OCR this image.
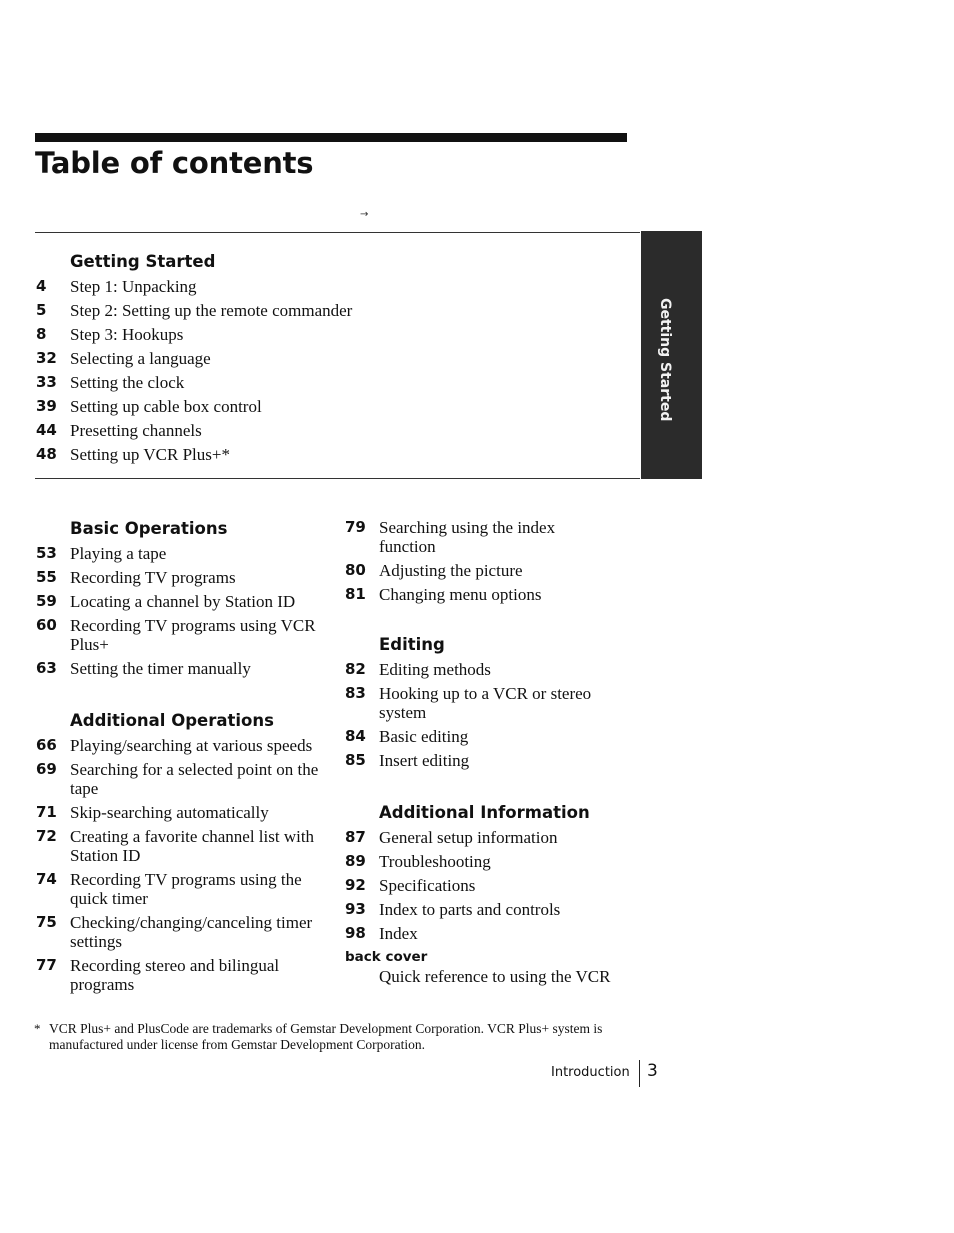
Table of contents
→
Getting Started
Getting Started
4	Step 1: Unpacking
5	Step 2: Setting up the remote commander
8	Step 3: Hookups
32 Selecting a language
33 Setting the clock
39 Setting up cable box control
44 Presetting channels
48 Setting up VCR Plus+*
Basic Operations
53 Playing a tape
55 Recording TV programs
59 Locating a channel by Station ID
60 Recording TV programs using VCR Plus+
63 Setting the timer manually
Additional Operations
66 Playing/searching at various speeds
69 Searching for a selected point on the tape
71 Skip-searching automatically
72 Creating a favorite channel list with Station ID
74 Recording TV programs using the quick timer
75 Checking/changing/canceling timer settings
77 Recording stereo and bilingual programs
79 Searching using the index function
80 Adjusting the picture
81 Changing menu options
Editing
82 Editing methods
83 Hooking up to a VCR or stereo system
84 Basic editing
85 Insert editing
Additional Information
87 General setup information
89 Troubleshooting
92 Specifications
93 Index to parts and controls
98 Index
back cover
Quick reference to using the VCR
* VCR Plus+ and PlusCode are trademarks of Gemstar Development Corporation. VCR Plus+ system is manufactured under license from Gemstar Development Corporation.
Introduction 3
